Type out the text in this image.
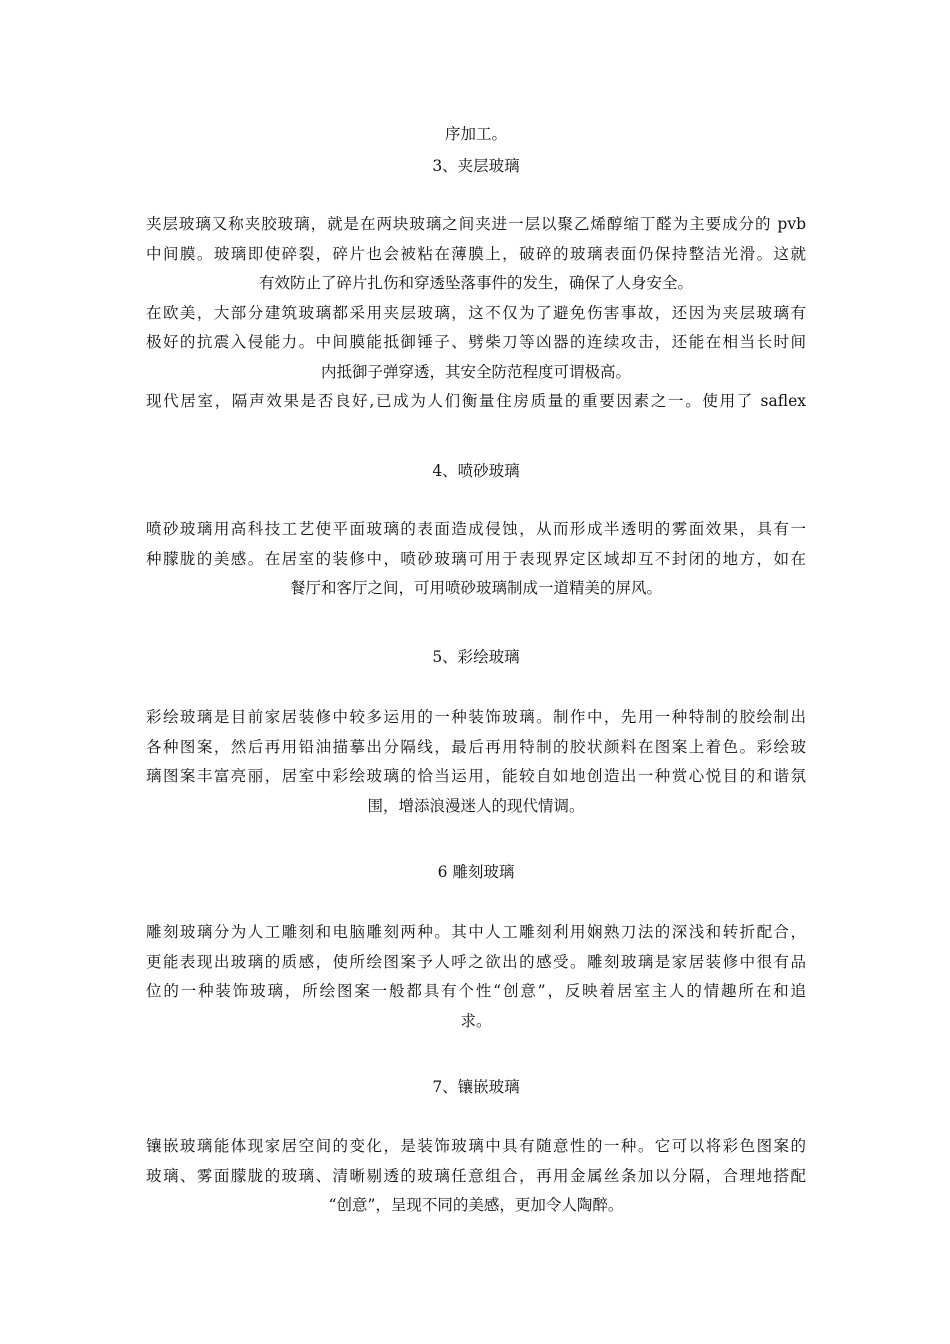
序加工。
3、夹层玻璃
夹层玻璃又称夹胶玻璃，就是在两块玻璃之间夹进一层以聚乙烯醇缩丁醛为主要成分的 pvb
中间膜。玻璃即使碎裂，碎片也会被粘在薄膜上，破碎的玻璃表面仍保持整洁光滑。这就
有效防止了碎片扎伤和穿透坠落事件的发生，确保了人身安全。
在欧美，大部分建筑玻璃都采用夹层玻璃，这不仅为了避免伤害事故，还因为夹层玻璃有
极好的抗震入侵能力。中间膜能抵御锤子、劈柴刀等凶器的连续攻击，还能在相当长时间
内抵御子弹穿透，其安全防范程度可谓极高。
现代居室，隔声效果是否良好,已成为人们衡量住房质量的重要因素之一。使用了 saflex
4、喷砂玻璃
喷砂玻璃用高科技工艺使平面玻璃的表面造成侵蚀，从而形成半透明的雾面效果，具有一
种朦胧的美感。在居室的装修中，喷砂玻璃可用于表现界定区域却互不封闭的地方，如在
餐厅和客厅之间，可用喷砂玻璃制成一道精美的屏风。
5、彩绘玻璃
彩绘玻璃是目前家居装修中较多运用的一种装饰玻璃。制作中，先用一种特制的胶绘制出
各种图案，然后再用铅油描摹出分隔线，最后再用特制的胶状颜料在图案上着色。彩绘玻
璃图案丰富亮丽，居室中彩绘玻璃的恰当运用，能较自如地创造出一种赏心悦目的和谐氛
围，增添浪漫迷人的现代情调。
6 雕刻玻璃
雕刻玻璃分为人工雕刻和电脑雕刻两种。其中人工雕刻利用娴熟刀法的深浅和转折配合，
更能表现出玻璃的质感，使所绘图案予人呼之欲出的感受。雕刻玻璃是家居装修中很有品
位的一种装饰玻璃，所绘图案一般都具有个性“创意”，反映着居室主人的情趣所在和追
求。
7、镶嵌玻璃
镶嵌玻璃能体现家居空间的变化，是装饰玻璃中具有随意性的一种。它可以将彩色图案的
玻璃、雾面朦胧的玻璃、清晰剔透的玻璃任意组合，再用金属丝条加以分隔，合理地搭配
“创意”，呈现不同的美感，更加令人陶醉。
